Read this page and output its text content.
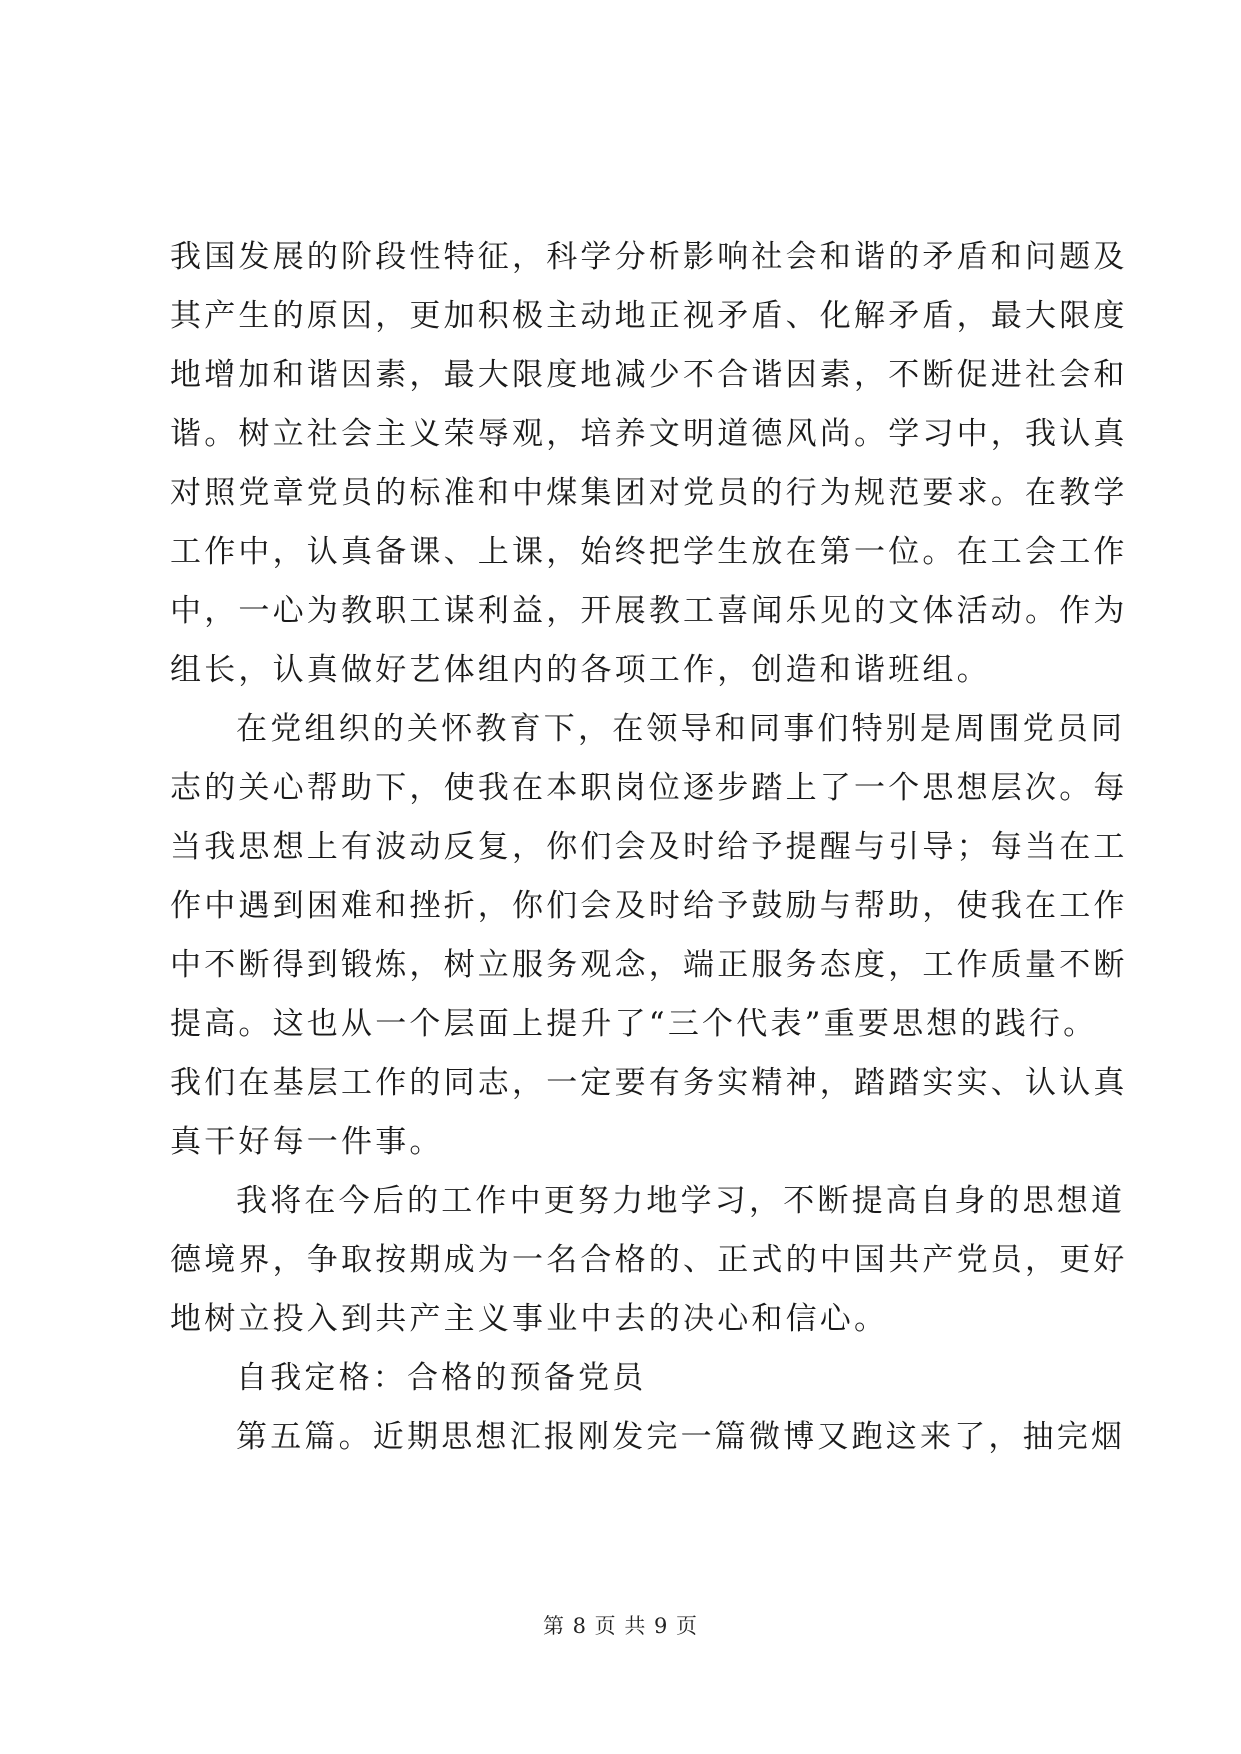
我国发展的阶段性特征，科学分析影响社会和谐的矛盾和问题及
其产生的原因，更加积极主动地正视矛盾、化解矛盾，最大限度
地增加和谐因素，最大限度地减少不合谐因素，不断促进社会和
谐。树立社会主义荣辱观，培养文明道德风尚。学习中，我认真
对照党章党员的标准和中煤集团对党员的行为规范要求。在教学
工作中，认真备课、上课，始终把学生放在第一位。在工会工作
中，一心为教职工谋利益，开展教工喜闻乐见的文体活动。作为
组长，认真做好艺体组内的各项工作，创造和谐班组。
在党组织的关怀教育下，在领导和同事们特别是周围党员同
志的关心帮助下，使我在本职岗位逐步踏上了一个思想层次。每
当我思想上有波动反复，你们会及时给予提醒与引导；每当在工
作中遇到困难和挫折，你们会及时给予鼓励与帮助，使我在工作
中不断得到锻炼，树立服务观念，端正服务态度，工作质量不断
提高。这也从一个层面上提升了“三个代表”重要思想的践行。
我们在基层工作的同志，一定要有务实精神，踏踏实实、认认真
真干好每一件事。
我将在今后的工作中更努力地学习，不断提高自身的思想道
德境界，争取按期成为一名合格的、正式的中国共产党员，更好
地树立投入到共产主义事业中去的决心和信心。
自我定格：合格的预备党员
第五篇。近期思想汇报刚发完一篇微博又跑这来了，抽完烟
第 8 页 共 9 页
